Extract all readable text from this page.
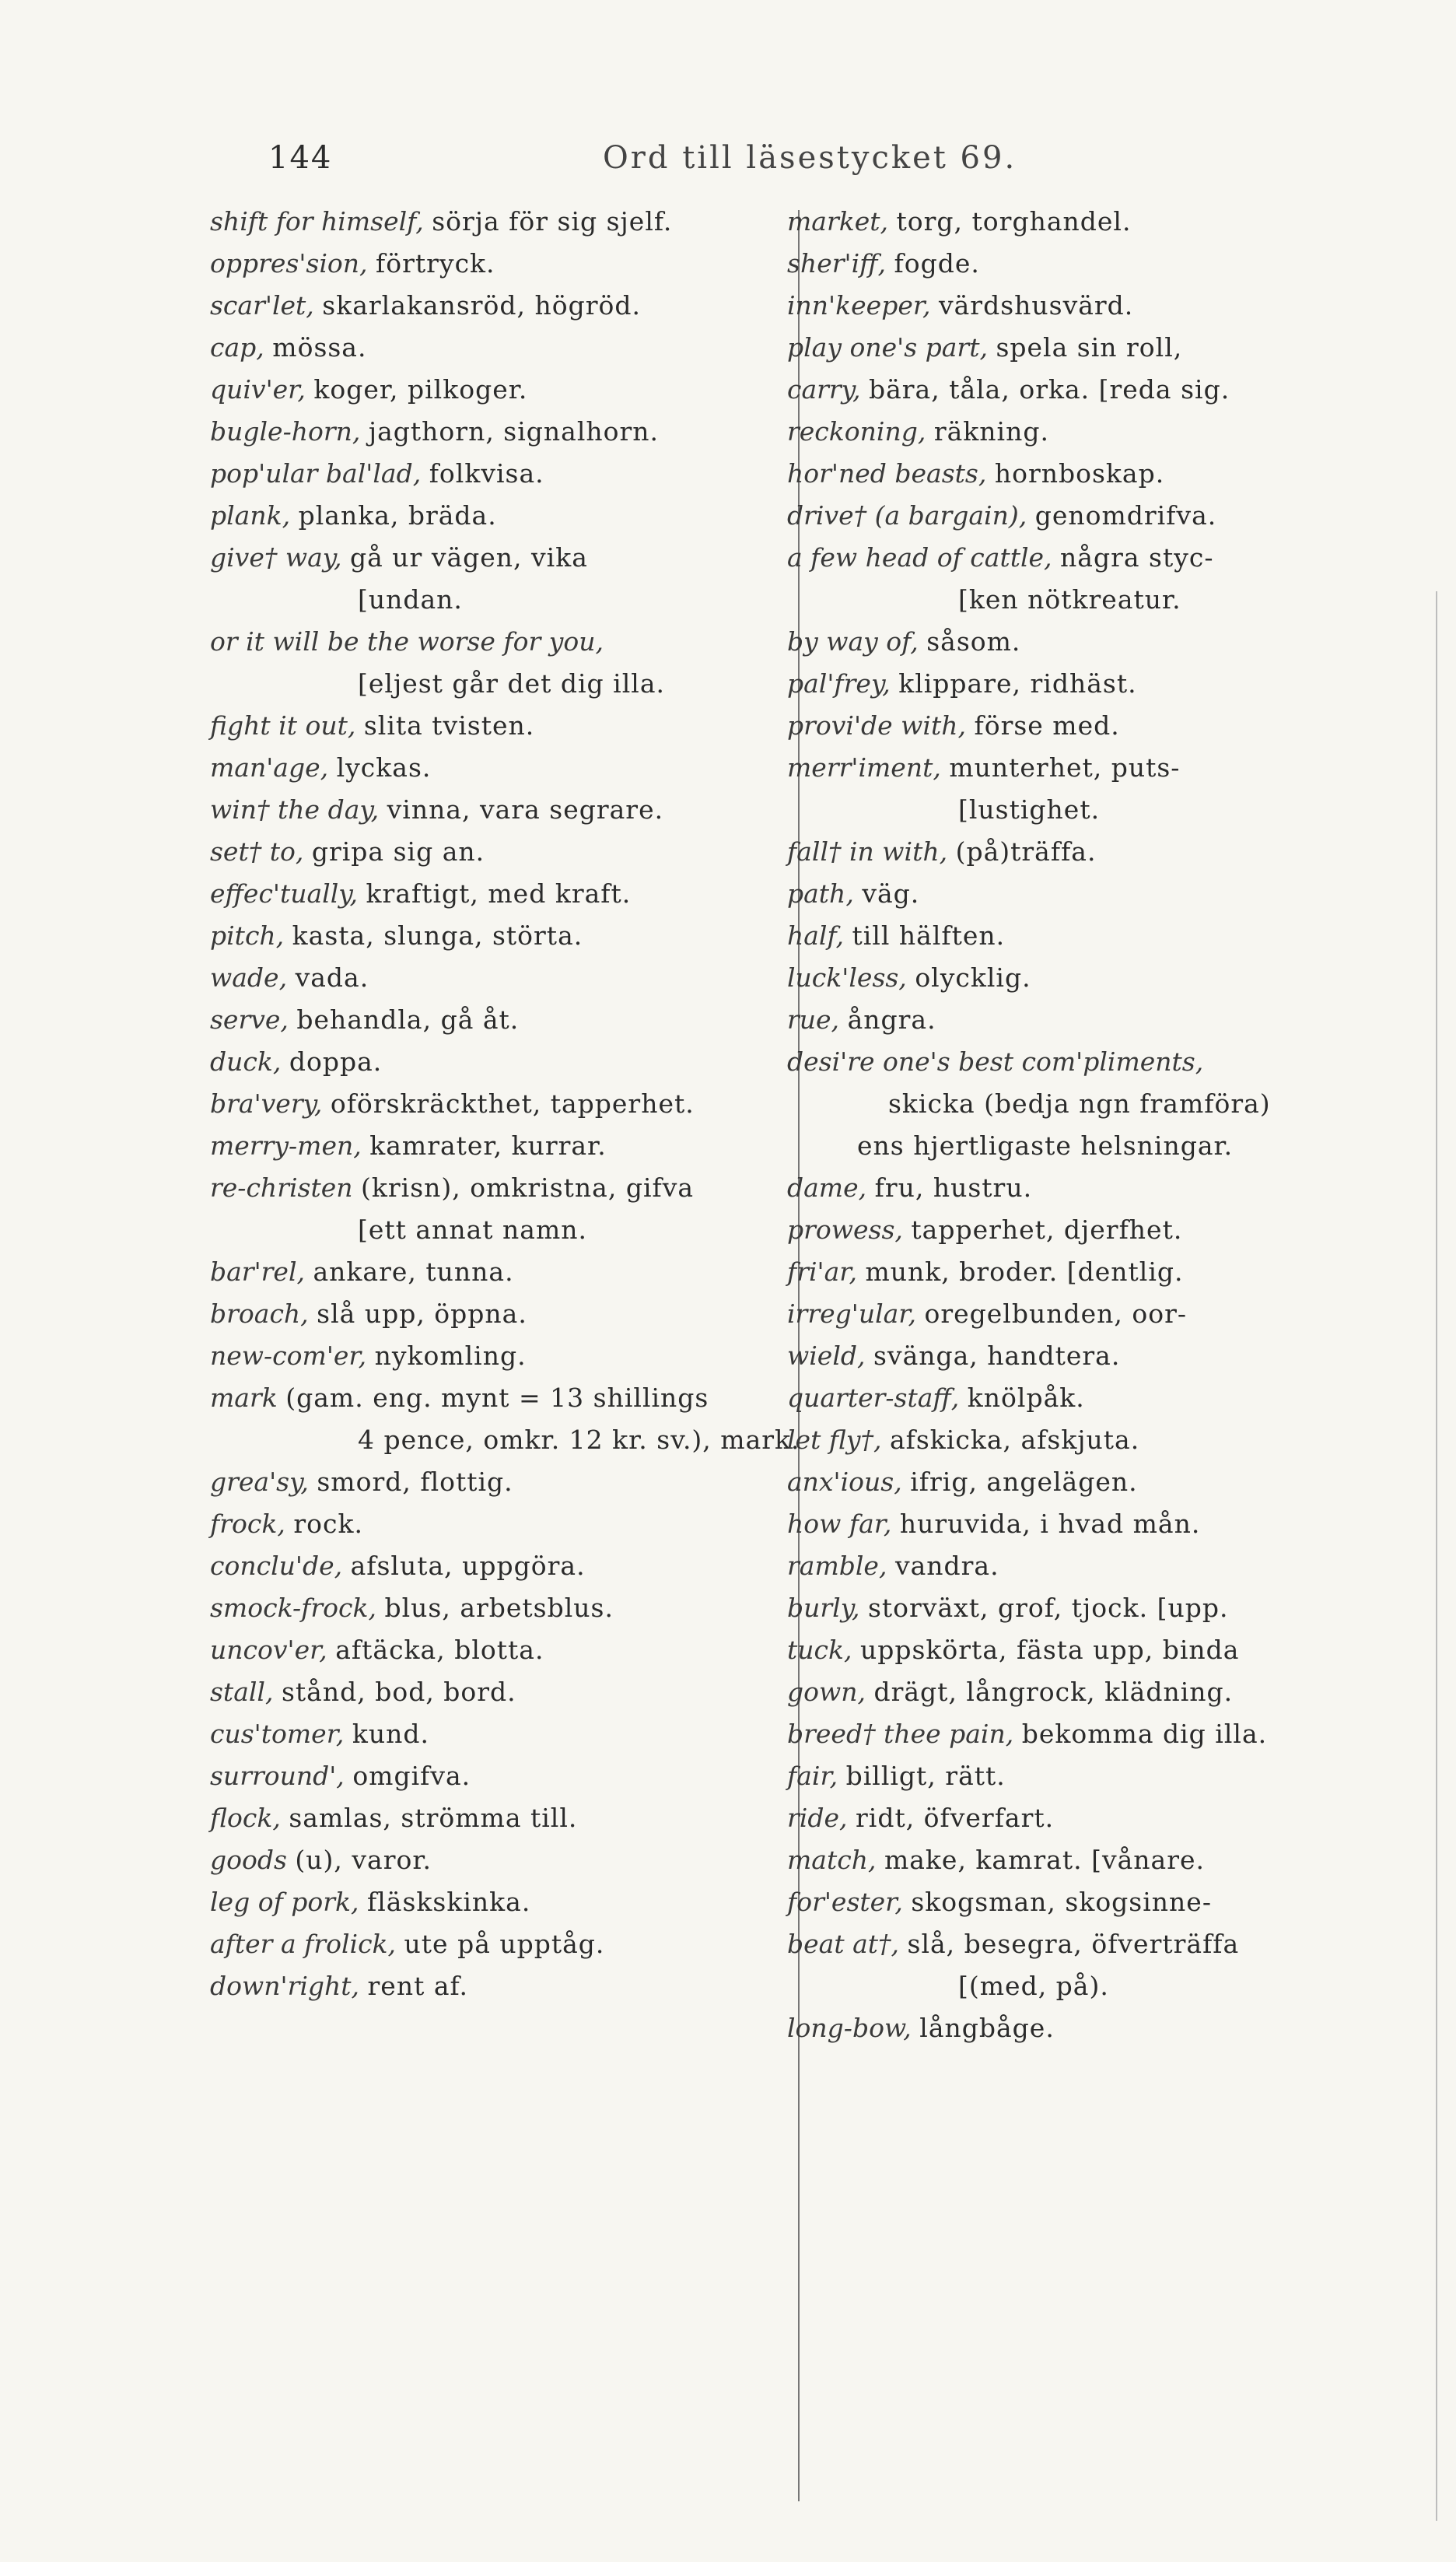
144	Ord till läsestycket 69.
shift for himself, sörja för sig sjelf.
oppres'sion, förtryck.
scar'let, skarlakansröd, högröd.
cap, mössa.
quiv'er, koger, pilkoger.
bugle-horn, jagthorn, signalhorn.
pop'ular bal'lad, folkvisa.
plank, planka, bräda.
give† way, gå ur vägen, vika
[undan.
or it will be the worse for you,
[eljest går det dig illa.
fight it out, slita tvisten.
man'age, lyckas.
win† the day, vinna, vara segrare.
set† to, gripa sig an.
effec'tually, kraftigt, med kraft.
pitch, kasta, slunga, störta.
wade, vada.
serve, behandla, gå åt.
duck, doppa.
bra'very, oförskräckthet, tapperhet.
merry-men, kamrater, kurrar.
re-christen (krisn), omkristna, gifva
[ett annat namn.
bar'rel, ankare, tunna.
broach, slå upp, öppna.
new-com'er, nykomling.
mark (gam. eng. mynt = 13 shillings
4 pence, omkr. 12 kr. sv.), mark.
grea'sy, smord, flottig.
frock, rock.
conclu'de, afsluta, uppgöra.
smock-frock, blus, arbetsblus.
uncov'er, aftäcka, blotta.
stall, stånd, bod, bord.
cus'tomer, kund.
surround', omgifva.
flock, samlas, strömma till.
goods (u), varor.
leg of pork, fläskskinka.
after a frolick, ute på upptåg.
down'right, rent af.
market, torg, torghandel.
sher'iff, fogde.
inn'keeper, värdshusvärd.
play one's part, spela sin roll,
carry, bära, tåla, orka. [reda sig.
reckoning, räkning.
hor'ned beasts, hornboskap.
drive† (a bargain), genomdrifva.
a few head of cattle, några styc-
[ken nötkreatur.
by way of, såsom.
pal'frey, klippare, ridhäst.
provi'de with, förse med.
merr'iment, munterhet, puts-
[lustighet.
fall† in with, (på)träffa.
path, väg.
half, till hälften.
luck'less, olycklig.
rue, ångra.
desi're one's best com'pliments,
skicka (bedja ngn framföra)
ens hjertligaste helsningar.
dame, fru, hustru.
prowess, tapperhet, djerfhet.
fri'ar, munk, broder. [dentlig.
irreg'ular, oregelbunden, oor-
wield, svänga, handtera.
quarter-staff, knölpåk.
let fly†, afskicka, afskjuta.
anx'ious, ifrig, angelägen.
how far, huruvida, i hvad mån.
ramble, vandra.
burly, storväxt, grof, tjock. [upp.
tuck, uppskörta, fästa upp, binda
gown, drägt, långrock, klädning.
breed† thee pain, bekomma dig illa.
fair, billigt, rätt.
ride, ridt, öfverfart.
match, make, kamrat. [vånare.
for'ester, skogsman, skogsinne-
beat at†, slå, besegra, öfverträffa
[(med, på).
long-bow, långbåge.
